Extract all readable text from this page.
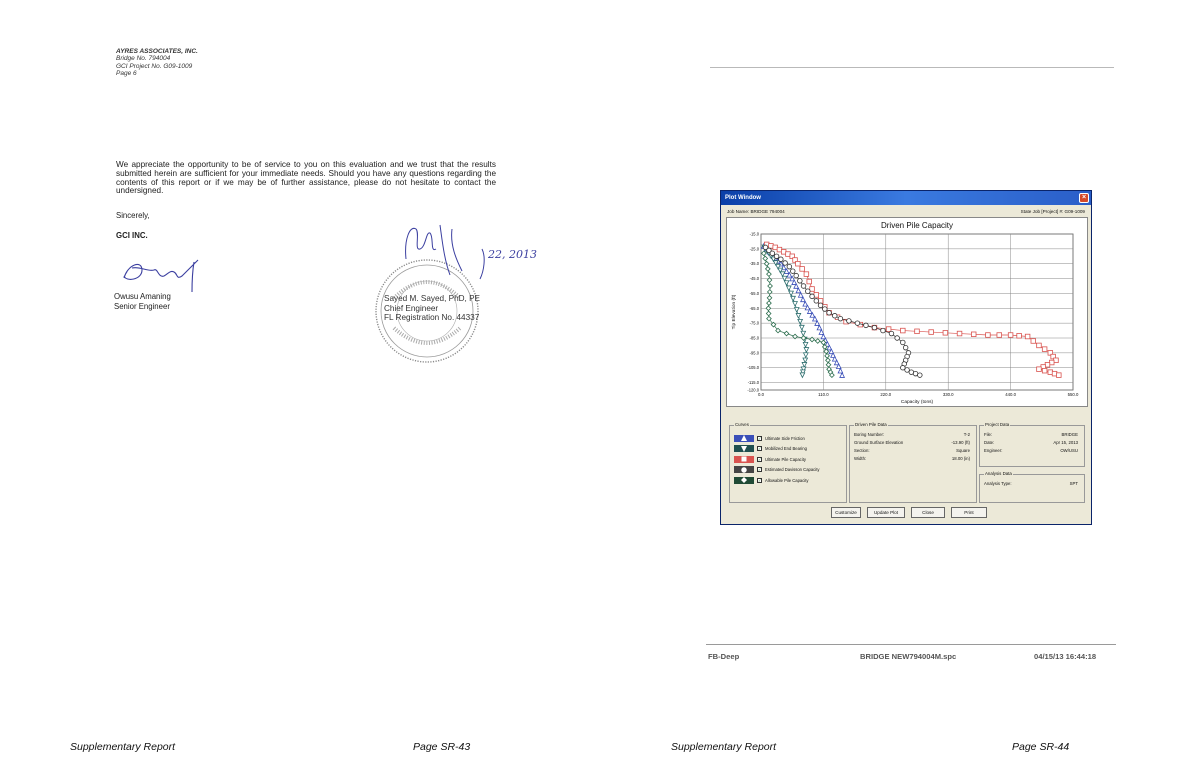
AYRES ASSOCIATES, INC.
Bridge No. 794004
GCI Project No. G09-1009
Page 6

We appreciate the opportunity to be of service to you on this evaluation and we trust that the results submitted herein are sufficient for your immediate needs. Should you have any questions regarding the contents of this report or if we may be of further assistance, please do not hesitate to contact the undersigned.

Sincerely,
GCI INC.
Owusu Amaning
Senior Engineer
22, 2013
Sayed M. Sayed, PhD, PE
Chief Engineer
FL Registration No. 44337
Supplementary Report	Page SR-43
Plot Window	×
Job Name: BRIDGE 794004	State Job [Project] #: G09-1009
Driven Pile Capacity
0.0	110.0	220.0	330.0	440.0	550.0
-15.0
-25.0
-35.0
-45.0
-55.0
-65.0
-75.0
-85.0
-95.0
-105.0
-115.0
-120.0
Capacity (tons)
Tip Elevation (ft)
Curves
✓ Ultimate Side Friction
✓ Mobilized End Bearing
✓ Ultimate Pile Capacity
✓ Estimated Davisson Capacity
✓ Allowable Pile Capacity
Driven Pile Data
Boring Number:	T-2
Ground Surface Elevation	-13.90 (ft)
Section:	Square
Width:	18.00 (in)
Project Data
File:	BRIDGE
Date:	Apr 15, 2013
Engineer:	OW/USU
Analysis Data
Analysis Type:	SPT
Customize	Update Plot	Close	Print
FB-Deep	BRIDGE NEW794004M.spc	04/15/13 16:44:18
Supplementary Report	Page SR-44
